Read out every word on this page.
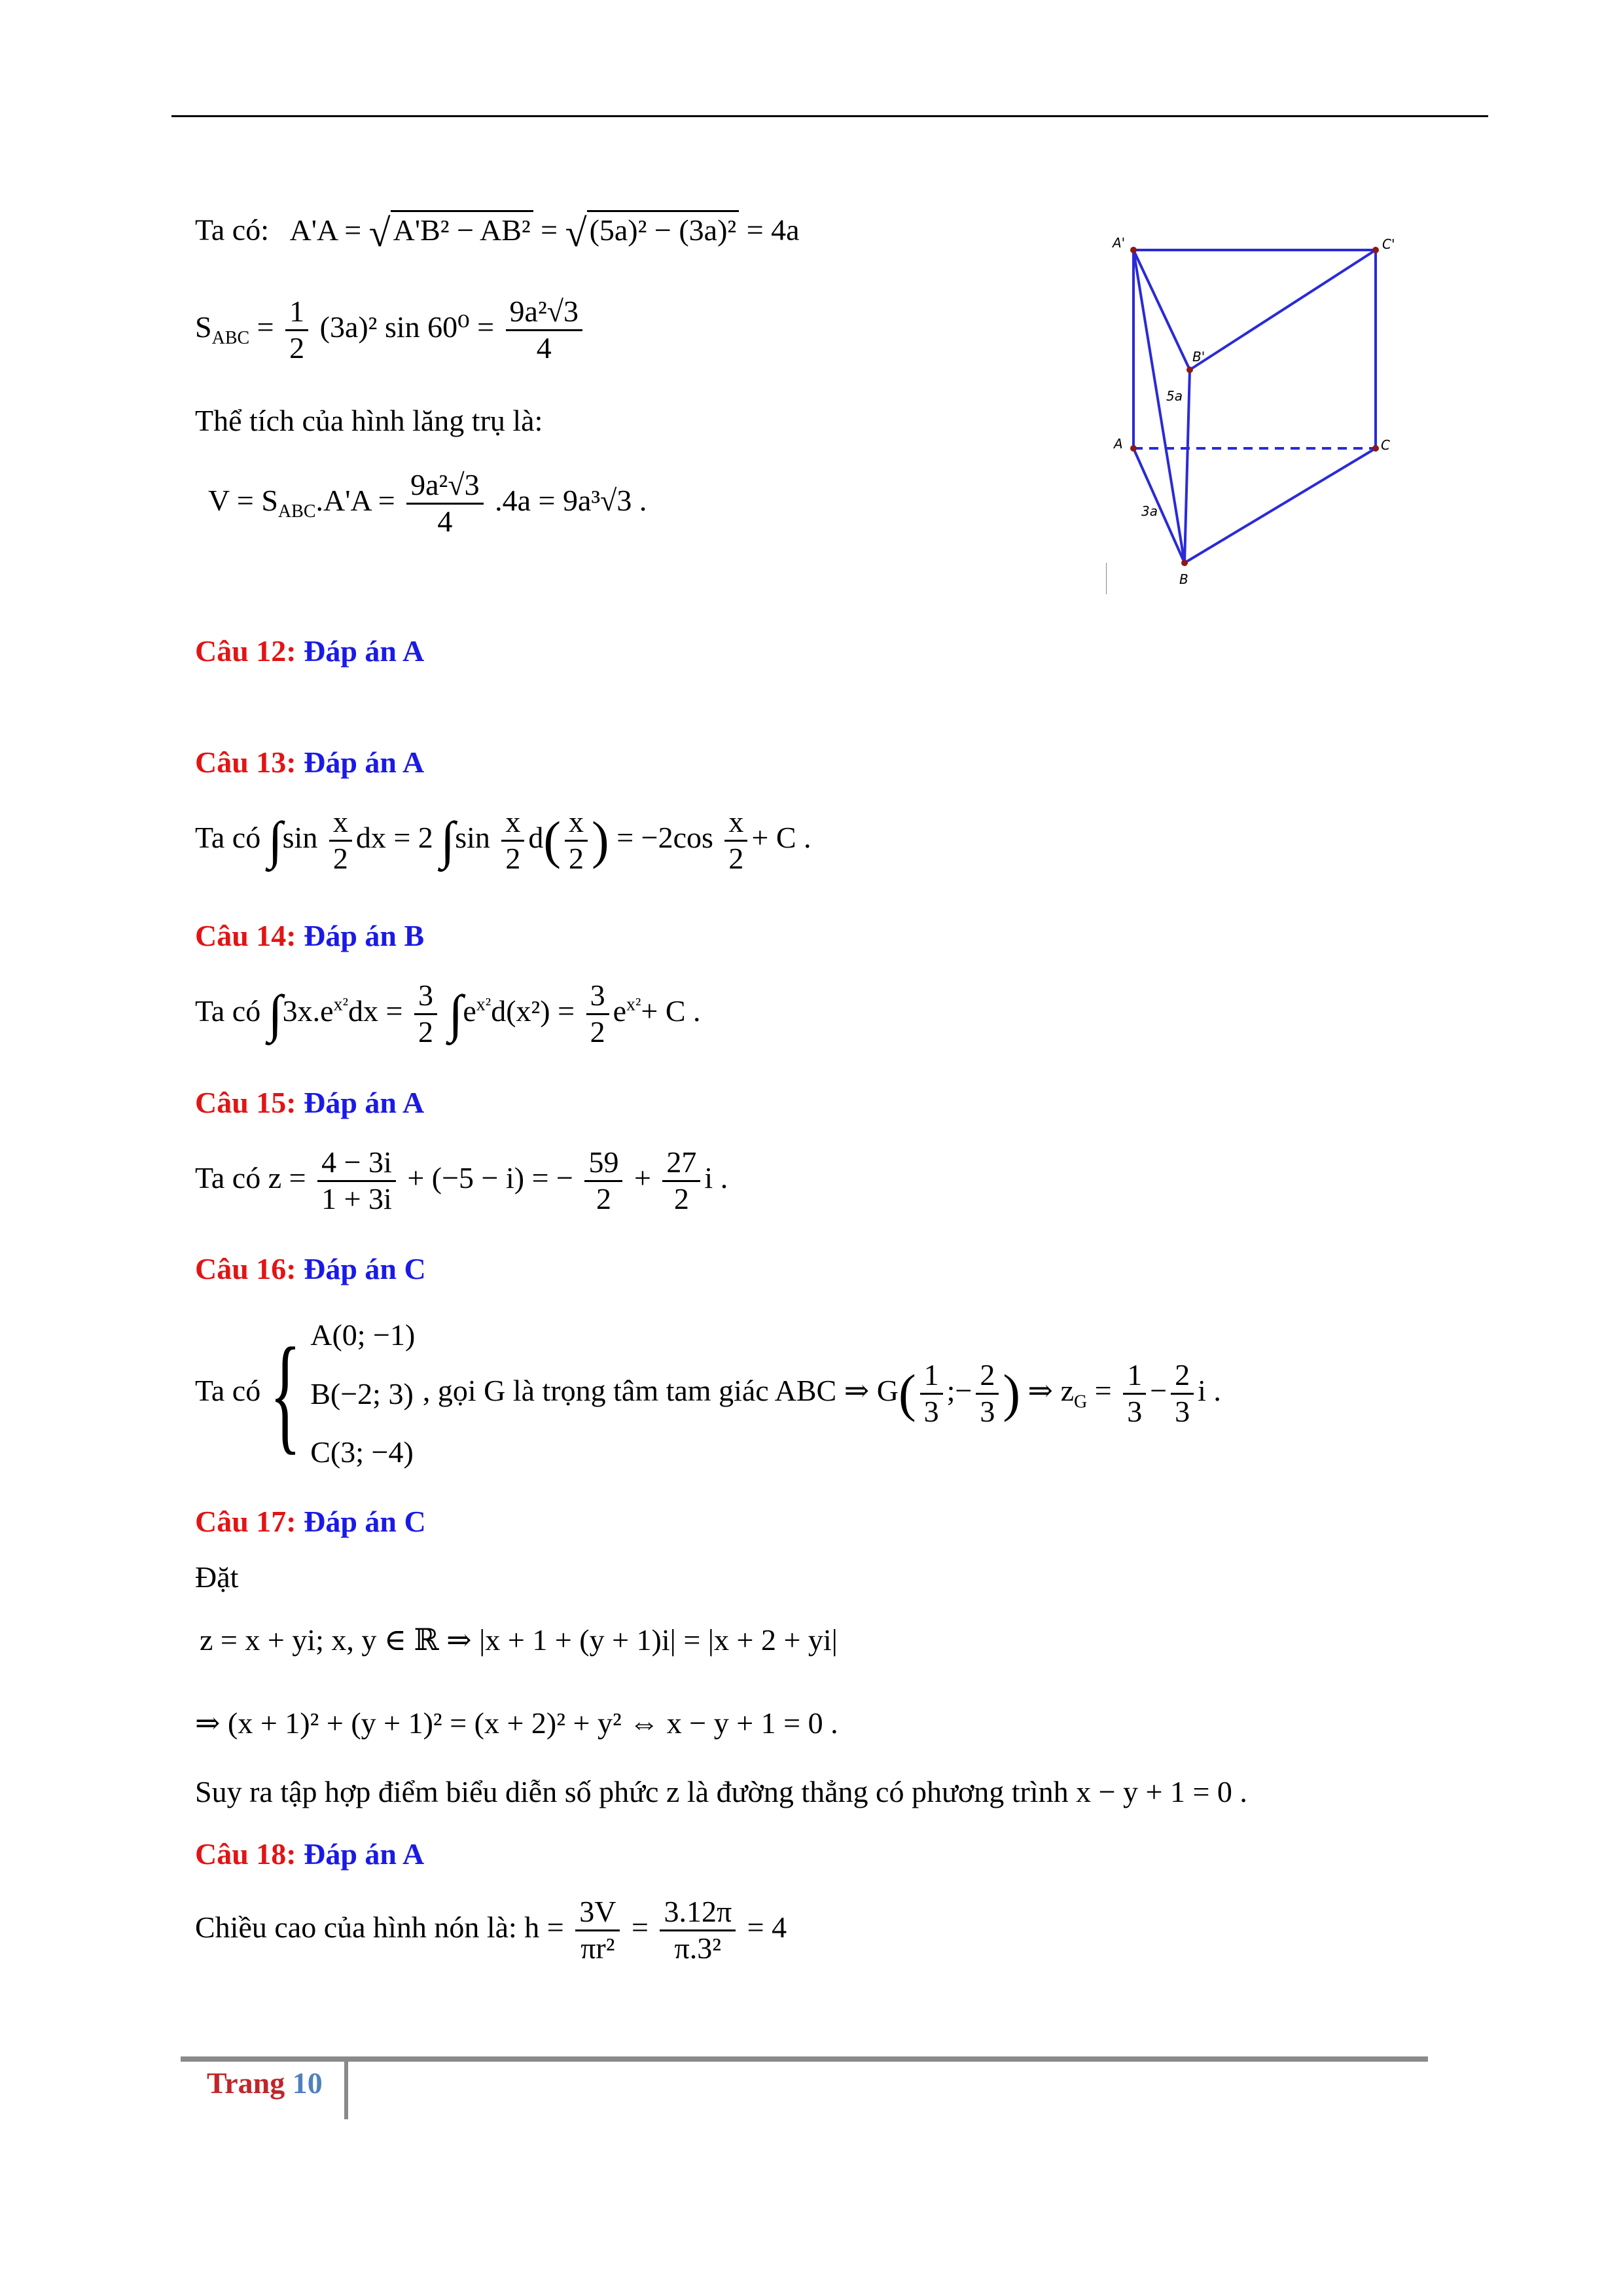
Ta có: A'A = √A'B² − AB² = √(5a)² − (3a)² = 4a
$S_{ABC} = \frac{1}{2} (3a)^2$ $\sin 60^0 = \frac{\text{9a²√3}}{4}$
Thể tích của hình lăng trụ là:
$V = S_{ABC}.A'A = \frac{\text{9a²√3}}{4} .4a = 9a^3√3$ .
A'	C'
B'
A	C
B
5a
3a
Câu 12: Đáp án A
Câu 13: Đáp án A
Ta có $\int\sin \frac{x}{2}$ dx = 2 $\int\sin \frac{x}{2} d( \frac{x}{2}$ ) = $-2\cos \frac{x}{2} + C$ .
Câu 14: Đáp án B
Ta có $\int 3x.e^{x^2}dx = \frac{3}{2} \int e^{x^2}d(x^2) = \frac{3}{2} e^{x^2}+ C$ .
Câu 15: Đáp án A
Ta có $z = \frac{4 - 3i}{1 + 3i} + (-5 - i)$ = − $\frac{59}{2} + \frac{27}{2}$ i .
Câu 16: Đáp án C
Ta có{ A(0; −1)
B(−2; 3)
C(3; −4)
, gọi G là trọng tâm tam giác ABC ⇒ $G( \frac{1}{3}$ ;− $\frac{2}{3}$ ) ⇒ $z_G = \frac{1}{3} - \frac{2}{3}$ i .
Câu 17: Đáp án C
Đặt
z = x + yi; x, y ∈ ℝ ⇒ |x + 1 + (y + 1)i| = |x + 2 + yi|
⇒ (x + 1)² + (y + 1)² = (x + 2)² + y² ⇔ x − y + 1 = 0 .
Suy ra tập hợp điểm biểu diễn số phức z là đường thẳng có phương trình x − y + 1 = 0 .
Câu 18: Đáp án A
Chiều cao của hình nón là: $h = \frac{3V}{\text{πr²}} = \frac{3.12\pi}{\text{π.3²}} = 4$
Trang 10
